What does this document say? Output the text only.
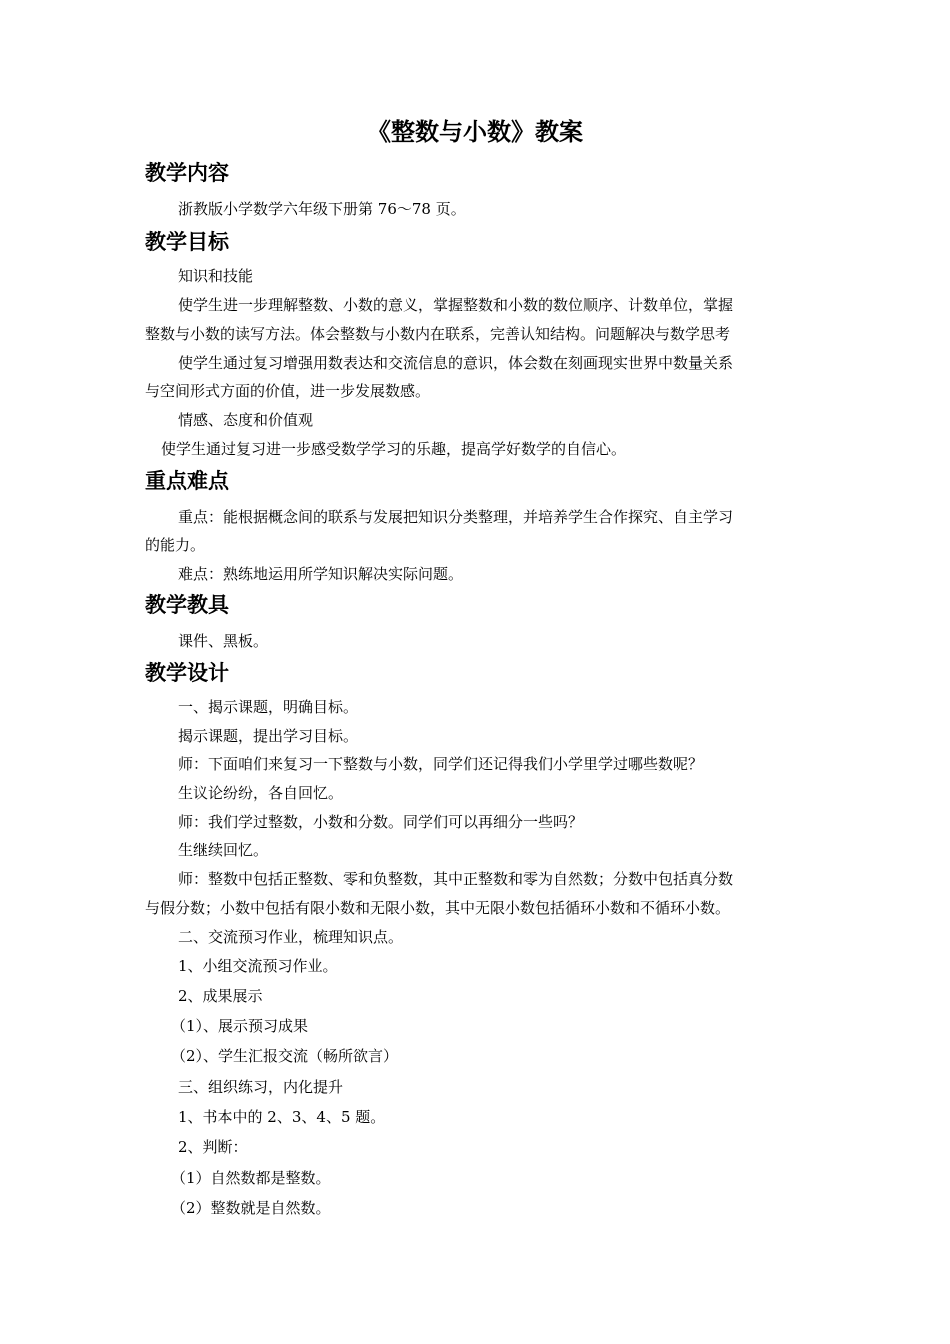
《整数与小数》教案
教学内容
浙教版小学数学六年级下册第 76～78 页。
教学目标
知识和技能
使学生进一步理解整数、小数的意义，掌握整数和小数的数位顺序、计数单位，掌握
整数与小数的读写方法。体会整数与小数内在联系，完善认知结构。问题解决与数学思考
使学生通过复习增强用数表达和交流信息的意识，体会数在刻画现实世界中数量关系
与空间形式方面的价值，进一步发展数感。
情感、态度和价值观
使学生通过复习进一步感受数学学习的乐趣，提高学好数学的自信心。
重点难点
重点：能根据概念间的联系与发展把知识分类整理，并培养学生合作探究、自主学习
的能力。
难点：熟练地运用所学知识解决实际问题。
教学教具
课件、黑板。
教学设计
一、揭示课题，明确目标。
揭示课题，提出学习目标。
师：下面咱们来复习一下整数与小数，同学们还记得我们小学里学过哪些数呢？
生议论纷纷，各自回忆。
师：我们学过整数，小数和分数。同学们可以再细分一些吗？
生继续回忆。
师：整数中包括正整数、零和负整数，其中正整数和零为自然数；分数中包括真分数
与假分数；小数中包括有限小数和无限小数，其中无限小数包括循环小数和不循环小数。
二、交流预习作业，梳理知识点。
1、小组交流预习作业。
2、成果展示
（1）、展示预习成果
（2）、学生汇报交流（畅所欲言）
三、组织练习，内化提升
1、书本中的 2、3、4、5 题。
2、判断：
（1）自然数都是整数。
（2）整数就是自然数。
